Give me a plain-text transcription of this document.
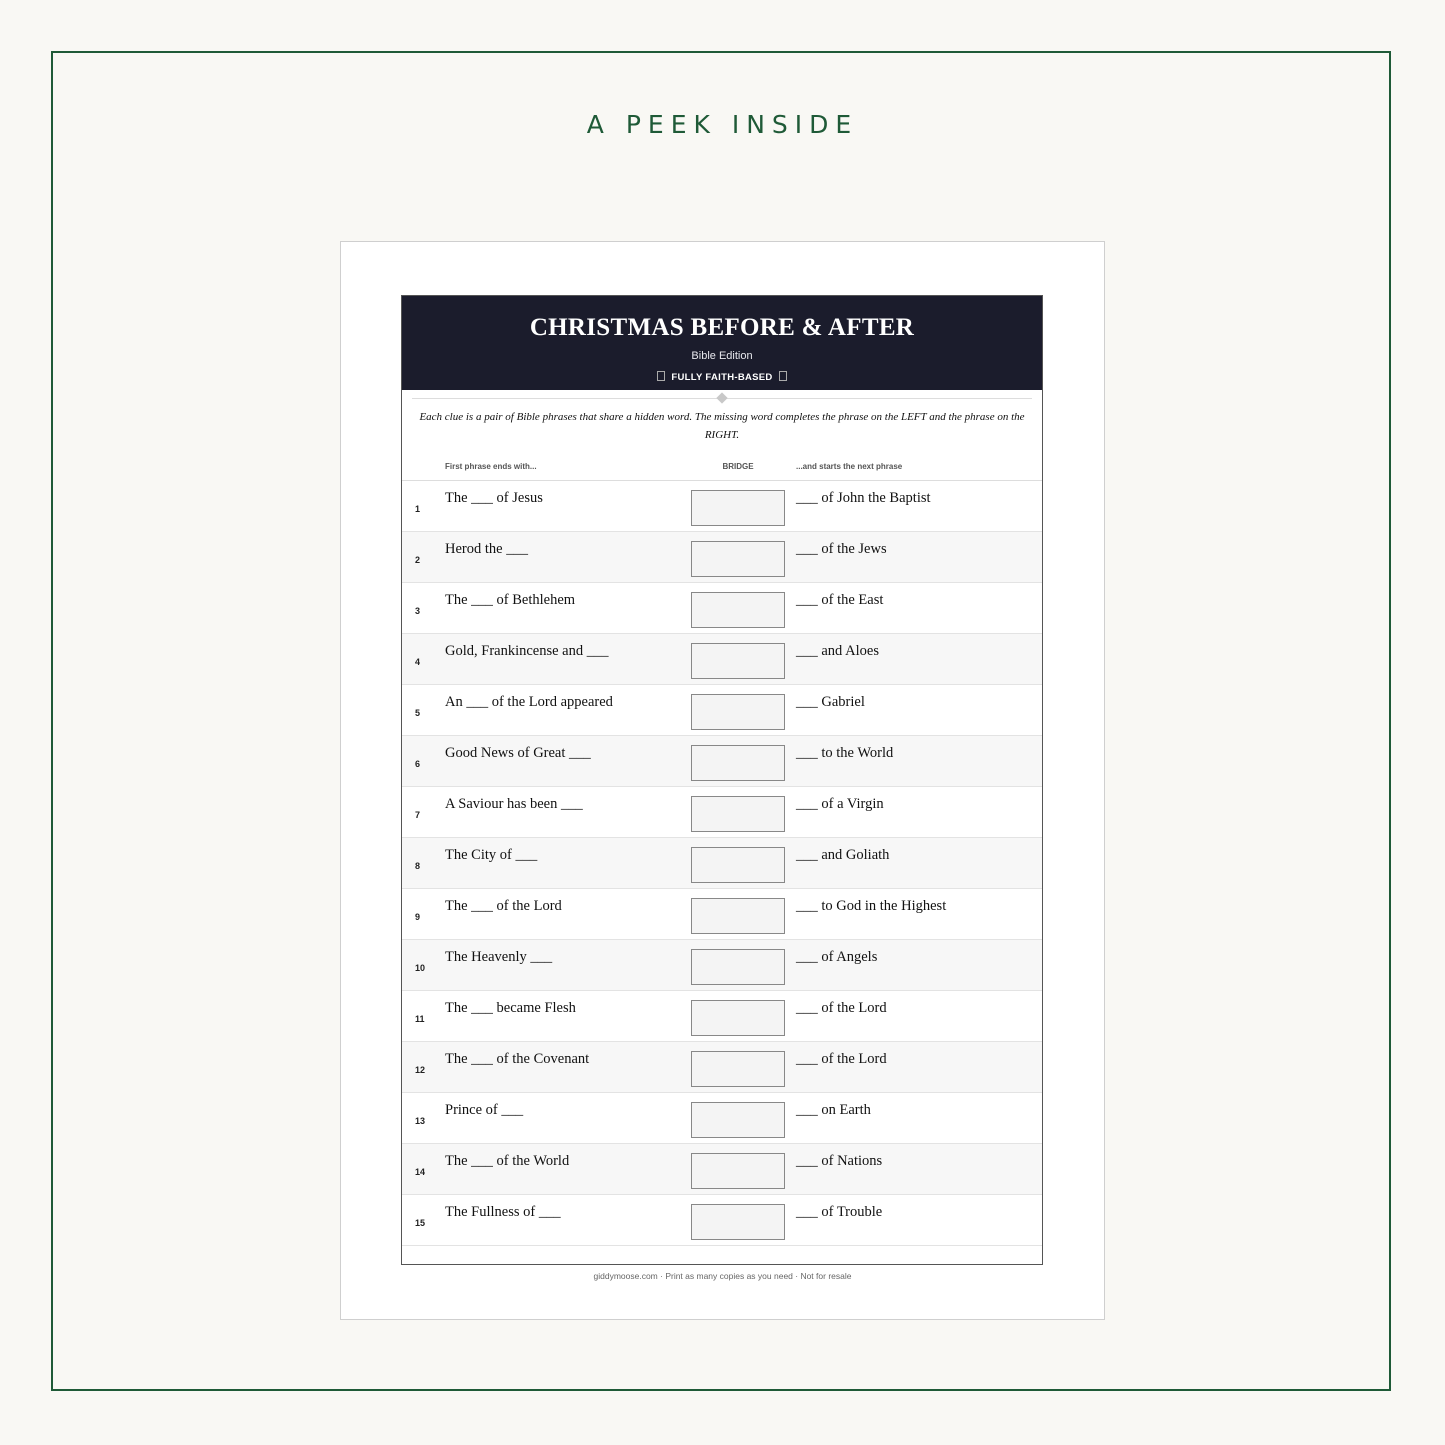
A PEEK INSIDE
CHRISTMAS BEFORE & AFTER
Bible Edition
FULLY FAITH-BASED
Each clue is a pair of Bible phrases that share a hidden word. The missing word completes the phrase on the LEFT and the phrase on the RIGHT.
First phrase ends with...	BRIDGE	...and starts the next phrase
1
The ___ of Jesus	___ of John the Baptist
2
Herod the ___	___ of the Jews
3
The ___ of Bethlehem	___ of the East
4
Gold, Frankincense and ___	___ and Aloes
5
An ___ of the Lord appeared	___ Gabriel
6
Good News of Great ___	___ to the World
7
A Saviour has been ___	___ of a Virgin
8
The City of ___	___ and Goliath
9
The ___ of the Lord	___ to God in the Highest
10
The Heavenly ___	___ of Angels
11
The ___ became Flesh	___ of the Lord
12
The ___ of the Covenant	___ of the Lord
13
Prince of ___	___ on Earth
14
The ___ of the World	___ of Nations
15
The Fullness of ___	___ of Trouble
giddymoose.com · Print as many copies as you need · Not for resale
